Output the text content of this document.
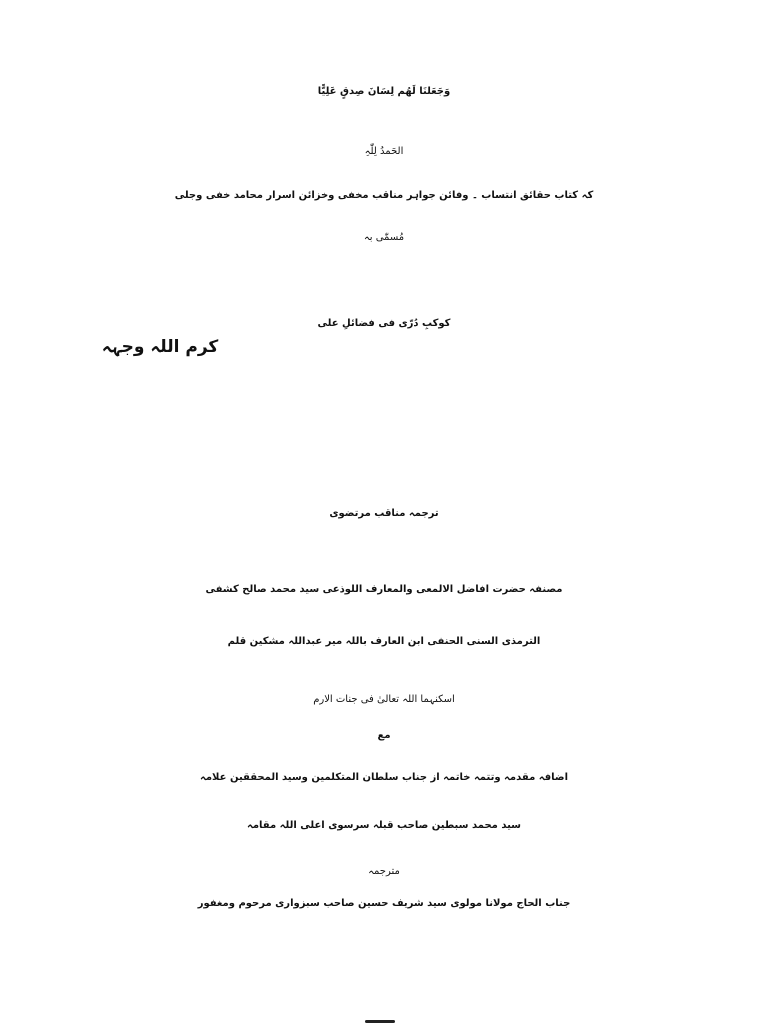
وَجَعَلنَا لَهُم لِسَانَ صِدقٍ عَلِیًّا
الحَمدُ لِلّٰہِ
کہ کتاب حقائق انتساب ۔ وفائن جواہر مناقب مخفی وخزائن اسرار محامد خفی وجلی
مُسمّٰی بہ
کوکبِ دُرّی فی فضائلِ علی
کرم اللہ وجہہ
ترجمہ مناقب مرتضوی
مصنفہ حضرت افاضل الالمعی والمعارف اللوذعی سید محمد صالح کشفی
الترمذی السنی الحنفی ابن العارف باللہ میر عبداللہ مشکین قلم
اسکنہما اللہ تعالیٰ فی جنات الارم
مع
اضافہ مقدمہ وتتمہ خاتمہ از جناب سلطان المتکلمین وسید المحققین علامہ
سید محمد سبطین صاحب قبلہ سرسوی اعلی اللہ مقامہ
مترجمہ
جناب الحاج مولانا مولوی سید شریف حسین صاحب سبزواری مرحوم ومغفور
